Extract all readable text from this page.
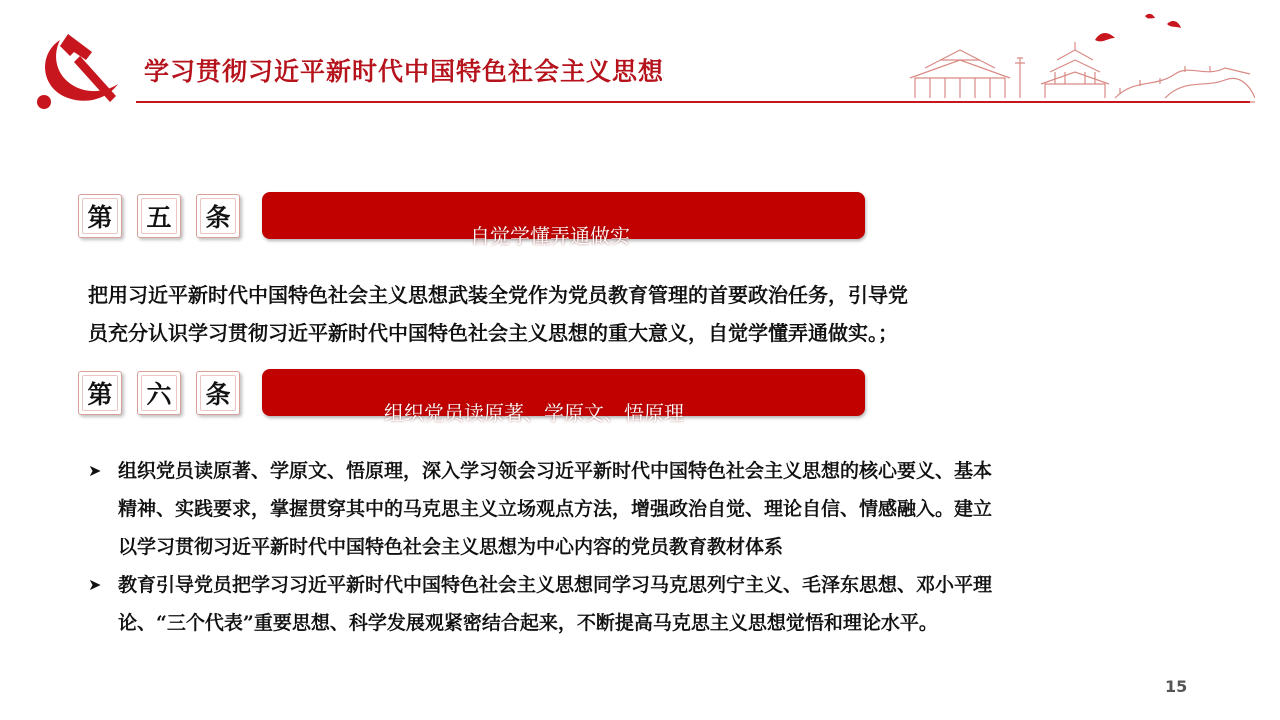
学习贯彻习近平新时代中国特色社会主义思想
第 五 条
自觉学懂弄通做实
把用习近平新时代中国特色社会主义思想武装全党作为党员教育管理的首要政治任务，引导党
员充分认识学习贯彻习近平新时代中国特色社会主义思想的重大意义，自觉学懂弄通做实。；
第 六 条
组织党员读原著、学原文、悟原理
➤ 组织党员读原著、学原文、悟原理，深入学习领会习近平新时代中国特色社会主义思想的核心要义、基本
精神、实践要求，掌握贯穿其中的马克思主义立场观点方法，增强政治自觉、理论自信、情感融入。建立
以学习贯彻习近平新时代中国特色社会主义思想为中心内容的党员教育教材体系
➤ 教育引导党员把学习习近平新时代中国特色社会主义思想同学习马克思列宁主义、毛泽东思想、邓小平理
论、“三个代表”重要思想、科学发展观紧密结合起来，不断提高马克思主义思想觉悟和理论水平。
15
